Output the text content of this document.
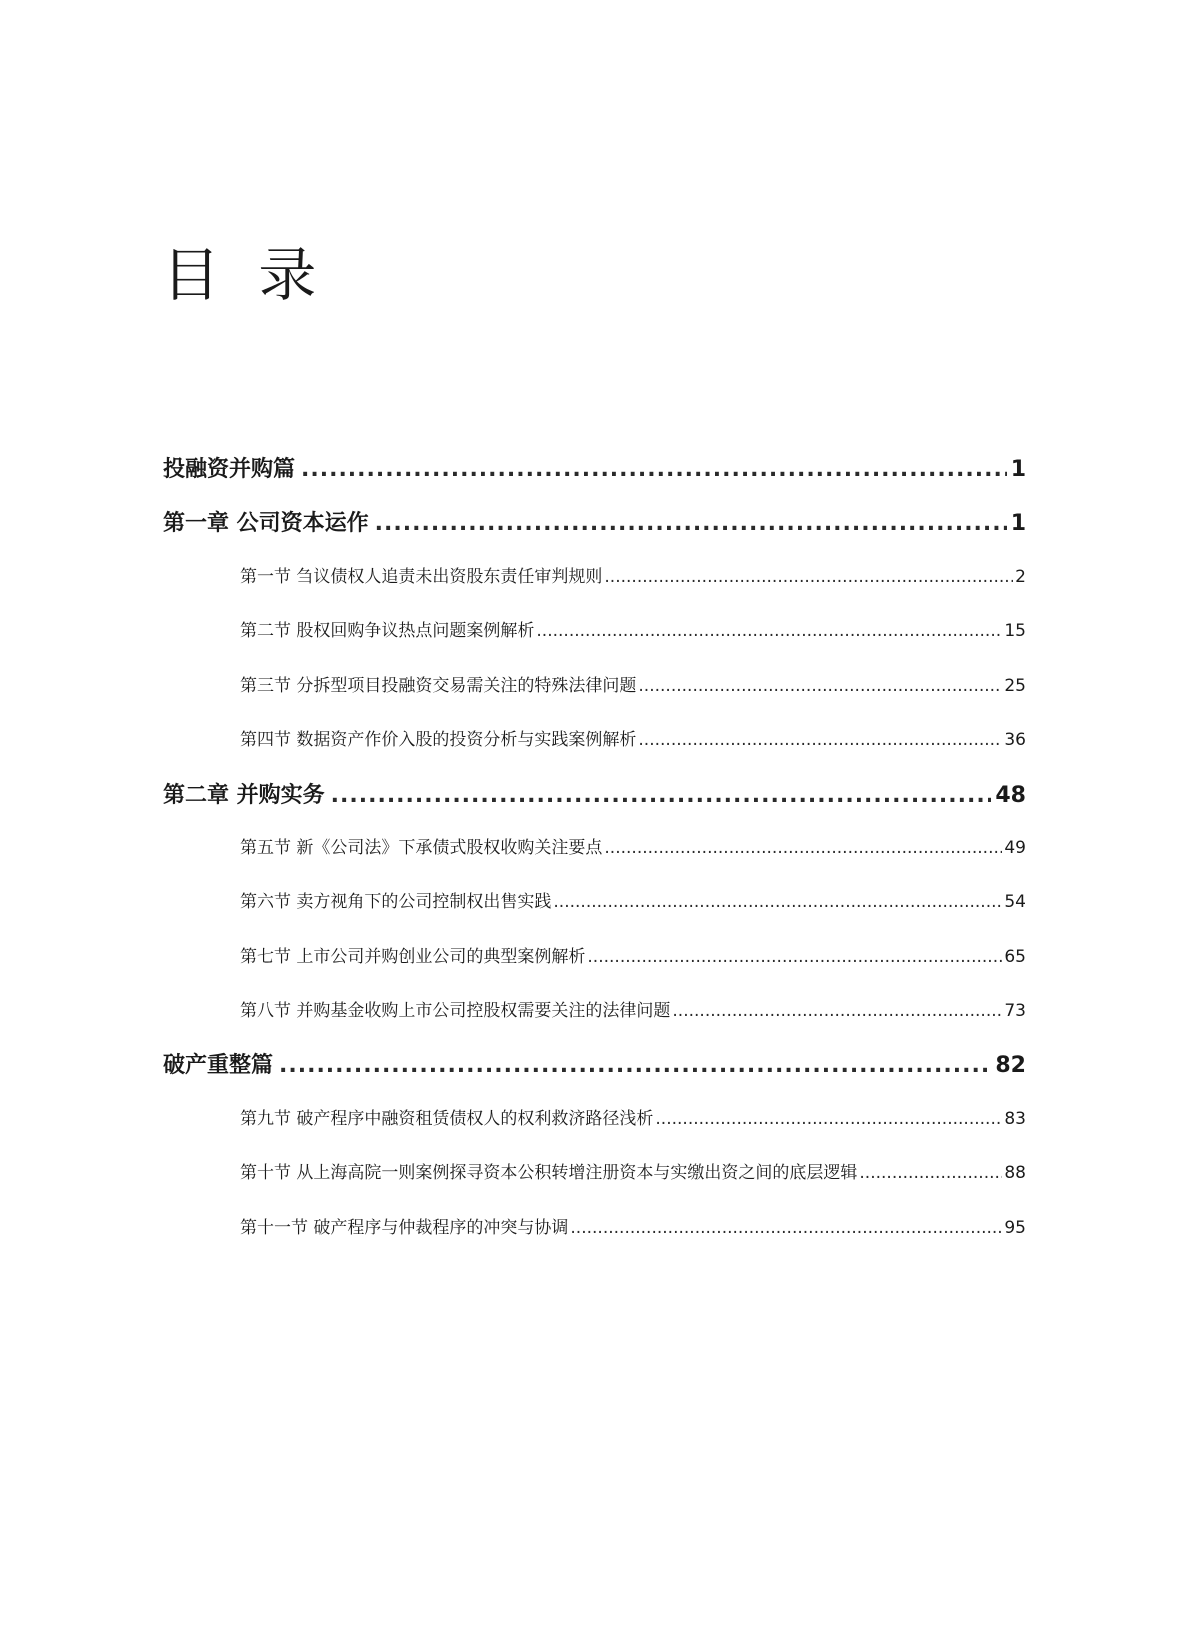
目 录
投融资并购篇 .....	1
第一章 公司资本运作 .....	1
第一节 刍议债权人追责未出资股东责任审判规则 .....	2
第二节 股权回购争议热点问题案例解析 .....	15
第三节 分拆型项目投融资交易需关注的特殊法律问题 .....	25
第四节 数据资产作价入股的投资分析与实践案例解析 .....	36
第二章 并购实务 .....	48
第五节 新《公司法》下承债式股权收购关注要点 .....	49
第六节 卖方视角下的公司控制权出售实践 .....	54
第七节 上市公司并购创业公司的典型案例解析 .....	65
第八节 并购基金收购上市公司控股权需要关注的法律问题 .....	73
破产重整篇 .....	82
第九节 破产程序中融资租赁债权人的权利救济路径浅析 .....	83
第十节 从上海高院一则案例探寻资本公积转增注册资本与实缴出资之间的底层逻辑 .....	88
第十一节 破产程序与仲裁程序的冲突与协调 .....	95
